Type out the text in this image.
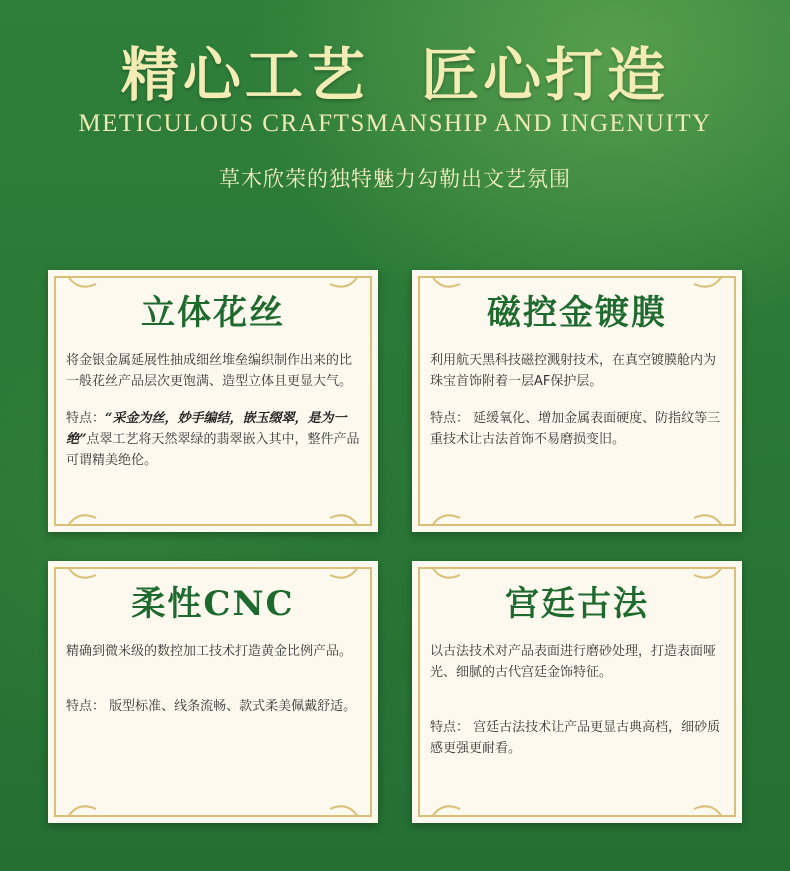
精心工艺 匠心打造
METICULOUS CRAFTSMANSHIP AND INGENUITY
草木欣荣的独特魅力勾勒出文艺氛围
立体花丝

将金银金属延展性抽成细丝堆垒编织制作出来的比一般花丝产品层次更饱满、造型立体且更显大气。

特点：“采金为丝，妙手编结，嵌玉缀翠，是为一绝”点翠工艺将天然翠绿的翡翠嵌入其中，整件产品可谓精美绝伦。

磁控金镀膜

利用航天黑科技磁控溅射技术，在真空镀膜舱内为珠宝首饰附着一层AF保护层。

特点： 延缓氧化、增加金属表面硬度、防指纹等三重技术让古法首饰不易磨损变旧。

柔性CNC

精确到微米级的数控加工技术打造黄金比例产品。

特点： 版型标准、线条流畅、款式柔美佩戴舒适。

宫廷古法

以古法技术对产品表面进行磨砂处理，打造表面哑光、细腻的古代宫廷金饰特征。

特点： 宫廷古法技术让产品更显古典高档，细砂质感更强更耐看。
